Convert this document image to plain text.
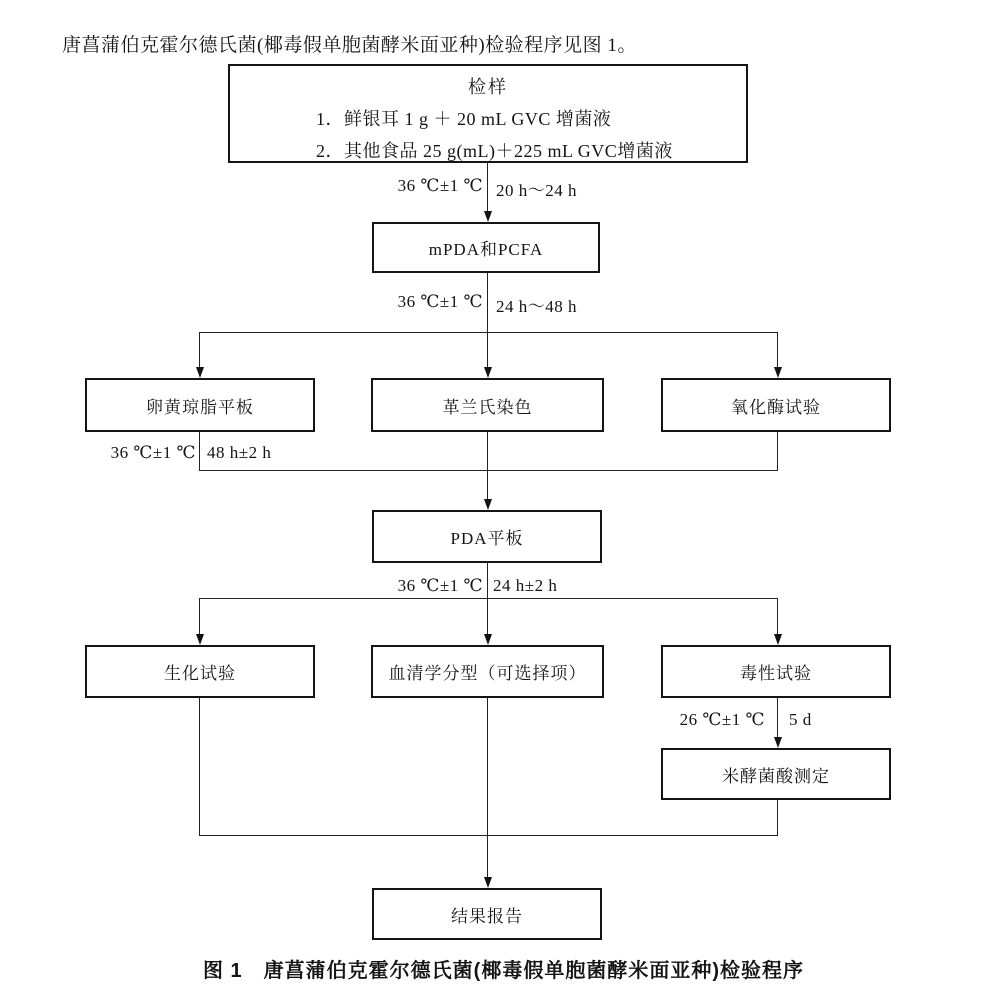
唐菖蒲伯克霍尔德氏菌(椰毒假单胞菌酵米面亚种)检验程序见图 1。
检样
1．鲜银耳 1 g ＋ 20 mL GVC 增菌液
2．其他食品 25 g(mL)＋225 mL GVC增菌液
36 ℃±1 ℃ 20 h～24 h
mPDA和PCFA
36 ℃±1 ℃ 24 h～48 h
卵黄琼脂平板	革兰氏染色	氧化酶试验
36 ℃±1 ℃ 48 h±2 h
PDA平板
36 ℃±1 ℃ 24 h±2 h
生化试验	血清学分型（可选择项）	毒性试验
26 ℃±1 ℃ 5 d
米酵菌酸测定
结果报告
图 1　唐菖蒲伯克霍尔德氏菌(椰毒假单胞菌酵米面亚种)检验程序
